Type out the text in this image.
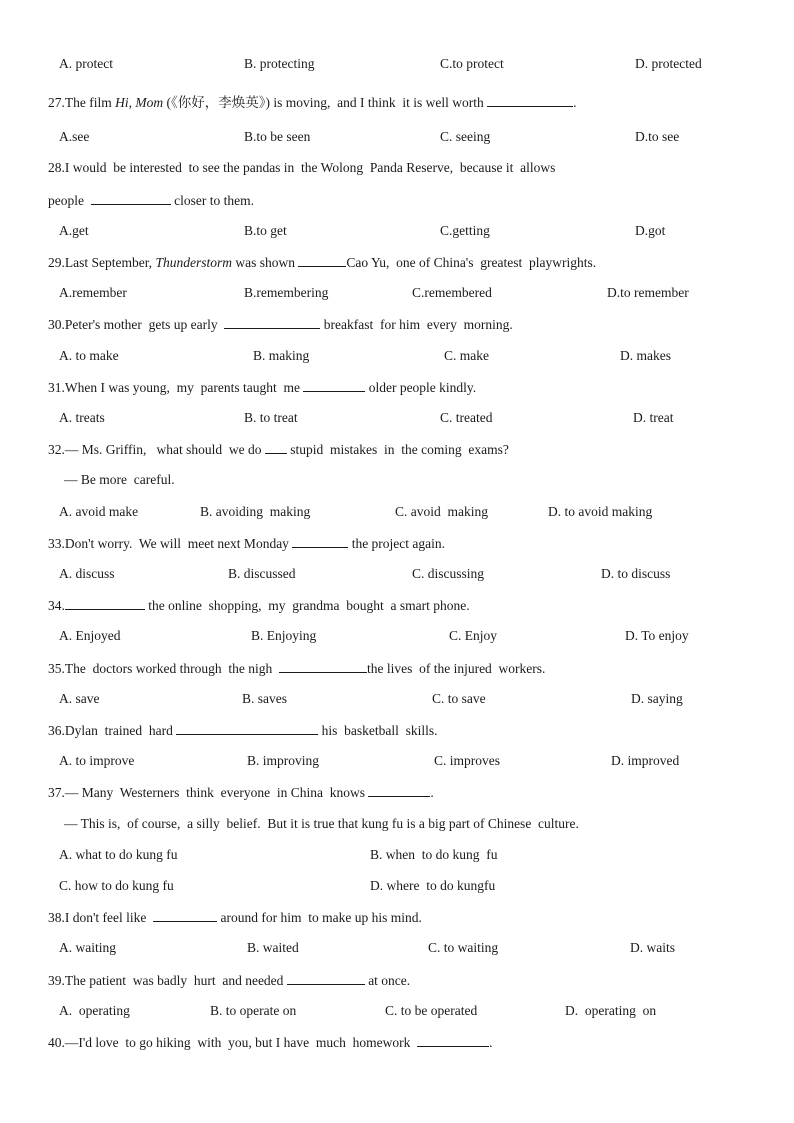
A. protect	B. protecting	C.to protect	D. protected
27.The film Hi, Mom (《你好，李焕英》) is moving,  and I think  it is well worth	.
A.see	B.to be seen	C. seeing	D.to see
28.I would  be interested  to see the pandas in  the Wolong  Panda Reserve,  because it  allows
people	closer to them.
A.get	B.to get	C.getting	D.got
29.Last September, Thunderstorm was shown	Cao Yu,  one of China's  greatest  playwrights.
A.remember	B.remembering	C.remembered	D.to remember
30.Peter's mother  gets up early	breakfast  for him  every  morning.
A. to make	B. making	C. make	D. makes
31.When I was young,  my  parents taught  me	older people kindly.
A. treats	B. to treat	C. treated	D. treat
32.— Ms. Griffin,   what should  we do  stupid  mistakes  in  the coming  exams?
— Be more  careful.
A. avoid make	B. avoiding  making	C. avoid  making	D. to avoid making
33.Don't worry.  We will  meet next Monday	the project again.
A. discuss	B. discussed	C. discussing	D. to discuss
34.	the online  shopping,  my  grandma  bought  a smart phone.
A. Enjoyed	B. Enjoying	C. Enjoy	D. To enjoy
35.The  doctors worked through  the nigh	the lives  of the injured  workers.
A. save	B. saves	C. to save	D. saying
36.Dylan  trained  hard	his  basketball  skills.
A. to improve	B. improving	C. improves	D. improved
37.— Many  Westerners  think  everyone  in China  knows	.
— This is,  of course,  a silly  belief.  But it is true that kung fu is a big part of Chinese  culture.
A. what to do kung fu	B. when  to do kung  fu
C. how to do kung fu	D. where  to do kungfu
38.I don't feel like	around for him  to make up his mind.
A. waiting	B. waited	C. to waiting	D. waits
39.The patient  was badly  hurt  and needed	at once.
A.  operating	B. to operate on	C. to be operated	D.  operating  on
40.—I'd love  to go hiking  with  you, but I have  much  homework	.
